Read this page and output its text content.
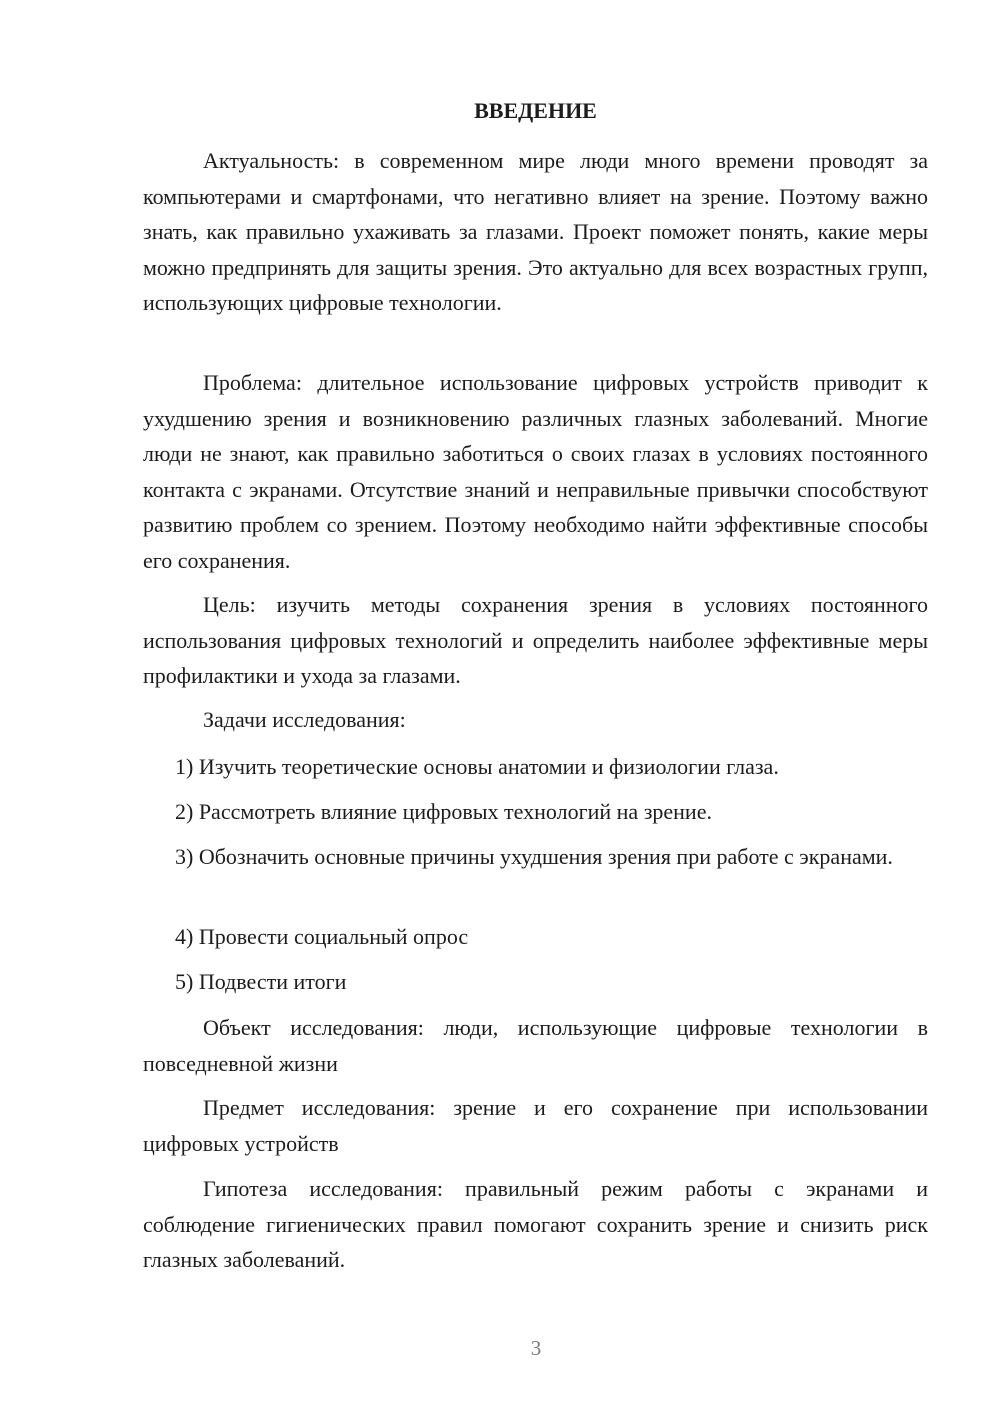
ВВЕДЕНИЕ

Актуальность: в современном мире люди много времени проводят за компьютерами и смартфонами, что негативно влияет на зрение. Поэтому важно знать, как правильно ухаживать за глазами. Проект поможет понять, какие меры можно предпринять для защиты зрения. Это актуально для всех возрастных групп, использующих цифровые технологии.

Проблема: длительное использование цифровых устройств приводит к ухудшению зрения и возникновению различных глазных заболеваний. Многие люди не знают, как правильно заботиться о своих глазах в условиях постоянного контакта с экранами. Отсутствие знаний и неправильные привычки способствуют развитию проблем со зрением. Поэтому необходимо найти эффективные способы его сохранения.

Цель: изучить методы сохранения зрения в условиях постоянного использования цифровых технологий и определить наиболее эффективные меры профилактики и ухода за глазами.

Задачи исследования:

1) Изучить теоретические основы анатомии и физиологии глаза.

2) Рассмотреть влияние цифровых технологий на зрение.

3) Обозначить основные причины ухудшения зрения при работе с экранами.

4) Провести социальный опрос

5) Подвести итоги

Объект исследования: люди, использующие цифровые технологии в повседневной жизни

Предмет исследования: зрение и его сохранение при использовании цифровых устройств

Гипотеза исследования: правильный режим работы с экранами и соблюдение гигиенических правил помогают сохранить зрение и снизить риск глазных заболеваний.

3
